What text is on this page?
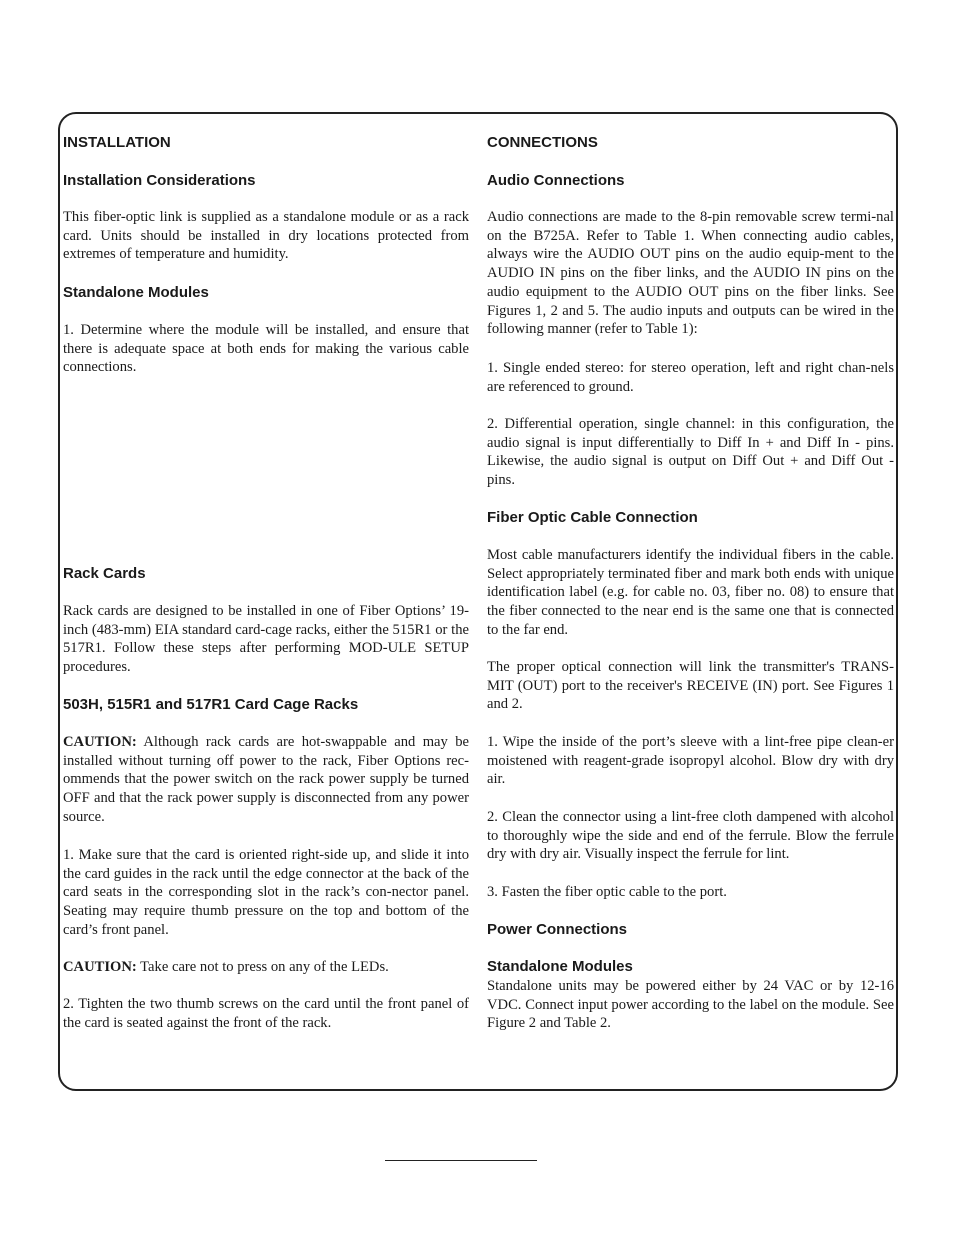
INSTALLATION
Installation Considerations

This fiber-optic link is supplied as a standalone module or as a rack card. Units should be installed in dry locations protected from extremes of temperature and humidity.

Standalone Modules

1. Determine where the module will be installed, and ensure that there is adequate space at both ends for making the various cable connections.

Rack Cards

Rack cards are designed to be installed in one of Fiber Options’ 19-inch (483-mm) EIA standard card-cage racks, either the 515R1 or the 517R1. Follow these steps after performing MOD-ULE SETUP procedures.

503H, 515R1 and 517R1 Card Cage Racks

CAUTION: Although rack cards are hot-swappable and may be installed without turning off power to the rack, Fiber Options rec-ommends that the power switch on the rack power supply be turned OFF and that the rack power supply is disconnected from any power source.

1. Make sure that the card is oriented right-side up, and slide it into the card guides in the rack until the edge connector at the back of the card seats in the corresponding slot in the rack’s con-nector panel. Seating may require thumb pressure on the top and bottom of the card’s front panel.

CAUTION: Take care not to press on any of the LEDs.

2. Tighten the two thumb screws on the card until the front panel of the card is seated against the front of the rack.

CONNECTIONS
Audio Connections

Audio connections are made to the 8-pin removable screw termi-nal on the B725A. Refer to Table 1. When connecting audio cables, always wire the AUDIO OUT pins on the audio equip-ment to the AUDIO IN pins on the fiber links, and the AUDIO IN pins on the audio equipment to the AUDIO OUT pins on the fiber links. See Figures 1, 2 and 5. The audio inputs and outputs can be wired in the following manner (refer to Table 1):

1. Single ended stereo: for stereo operation, left and right chan-nels are referenced to ground.

2. Differential operation, single channel: in this configuration, the audio signal is input differentially to Diff In + and Diff In - pins. Likewise, the audio signal is output on Diff Out + and Diff Out - pins.

Fiber Optic Cable Connection

Most cable manufacturers identify the individual fibers in the cable. Select appropriately terminated fiber and mark both ends with unique identification label (e.g. for cable no. 03, fiber no. 08) to ensure that the fiber connected to the near end is the same one that is connected to the far end.

The proper optical connection will link the transmitter's TRANS-MIT (OUT) port to the receiver's RECEIVE (IN) port. See Figures 1 and 2.

1. Wipe the inside of the port’s sleeve with a lint-free pipe clean-er moistened with reagent-grade isopropyl alcohol. Blow dry with dry air.

2. Clean the connector using a lint-free cloth dampened with alcohol to thoroughly wipe the side and end of the ferrule. Blow the ferrule dry with dry air. Visually inspect the ferrule for lint.

3. Fasten the fiber optic cable to the port.

Power Connections
Standalone Modules

Standalone units may be powered either by 24 VAC or by 12-16 VDC. Connect input power according to the label on the module. See Figure 2 and Table 2.
